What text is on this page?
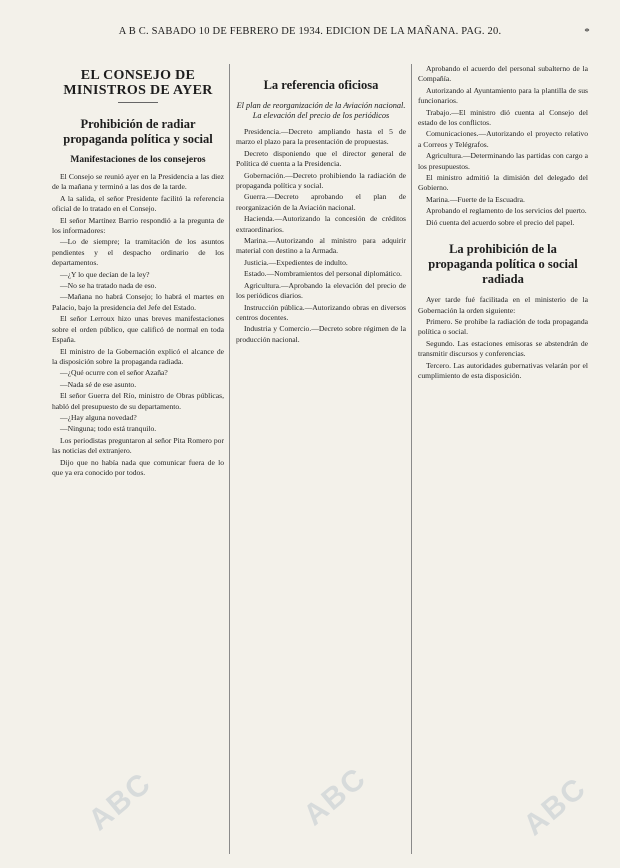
A B C. SABADO 10 DE FEBRERO DE 1934. EDICION DE LA MAÑANA. PAG. 20.	*
EL CONSEJO DE MINISTROS DE AYER
Prohibición de radiar propaganda política y social
Manifestaciones de los consejeros

El Consejo se reunió ayer en la Presidencia a las diez de la mañana y terminó a las dos de la tarde.

A la salida, el señor Presidente facilitó la referencia oficial de lo tratado en el Consejo.

El señor Martínez Barrio respondió a la pregunta de los informadores:

—Lo de siempre; la tramitación de los asuntos pendientes y el despacho ordinario de los departamentos.

—¿Y lo que decían de la ley?

—No se ha tratado nada de eso.

—Mañana no habrá Consejo; lo habrá el martes en Palacio, bajo la presidencia del Jefe del Estado.

El señor Lerroux hizo unas breves manifestaciones sobre el orden público, que calificó de normal en toda España.

El ministro de la Gobernación explicó el alcance de la disposición sobre la propaganda radiada.

—¿Qué ocurre con el señor Azaña?

—Nada sé de ese asunto.

El señor Guerra del Río, ministro de Obras públicas, habló del presupuesto de su departamento.

—¿Hay alguna novedad?

—Ninguna; todo está tranquilo.

Los periodistas preguntaron al señor Pita Romero por las noticias del extranjero.

Dijo que no había nada que comunicar fuera de lo que ya era conocido por todos.

La referencia oficiosa
El plan de reorganización de la Aviación nacional. La elevación del precio de los periódicos

Presidencia.—Decreto ampliando hasta el 5 de marzo el plazo para la presentación de propuestas.

Decreto disponiendo que el director general de Política dé cuenta a la Presidencia.

Gobernación.—Decreto prohibiendo la radiación de propaganda política y social.

Guerra.—Decreto aprobando el plan de reorganización de la Aviación nacional.

Hacienda.—Autorizando la concesión de créditos extraordinarios.

Marina.—Autorizando al ministro para adquirir material con destino a la Armada.

Justicia.—Expedientes de indulto.

Estado.—Nombramientos del personal diplomático.

Agricultura.—Aprobando la elevación del precio de los periódicos diarios.

Instrucción pública.—Autorizando obras en diversos centros docentes.

Industria y Comercio.—Decreto sobre régimen de la producción nacional.

Aprobando el acuerdo del personal subalterno de la Compañía.

Autorizando al Ayuntamiento para la plantilla de sus funcionarios.

Trabajo.—El ministro dió cuenta al Consejo del estado de los conflictos.

Comunicaciones.—Autorizando el proyecto relativo a Correos y Telégrafos.

Agricultura.—Determinando las partidas con cargo a los presupuestos.

El ministro admitió la dimisión del delegado del Gobierno.

Marina.—Fuerte de la Escuadra.

Aprobando el reglamento de los servicios del puerto.

Dió cuenta del acuerdo sobre el precio del papel.

La prohibición de la propaganda política o social radiada

Ayer tarde fué facilitada en el ministerio de la Gobernación la orden siguiente:

Primero. Se prohibe la radiación de toda propaganda política o social.

Segundo. Las estaciones emisoras se abstendrán de transmitir discursos y conferencias.

Tercero. Las autoridades gubernativas velarán por el cumplimiento de esta disposición.

ABC	ABC	ABC
